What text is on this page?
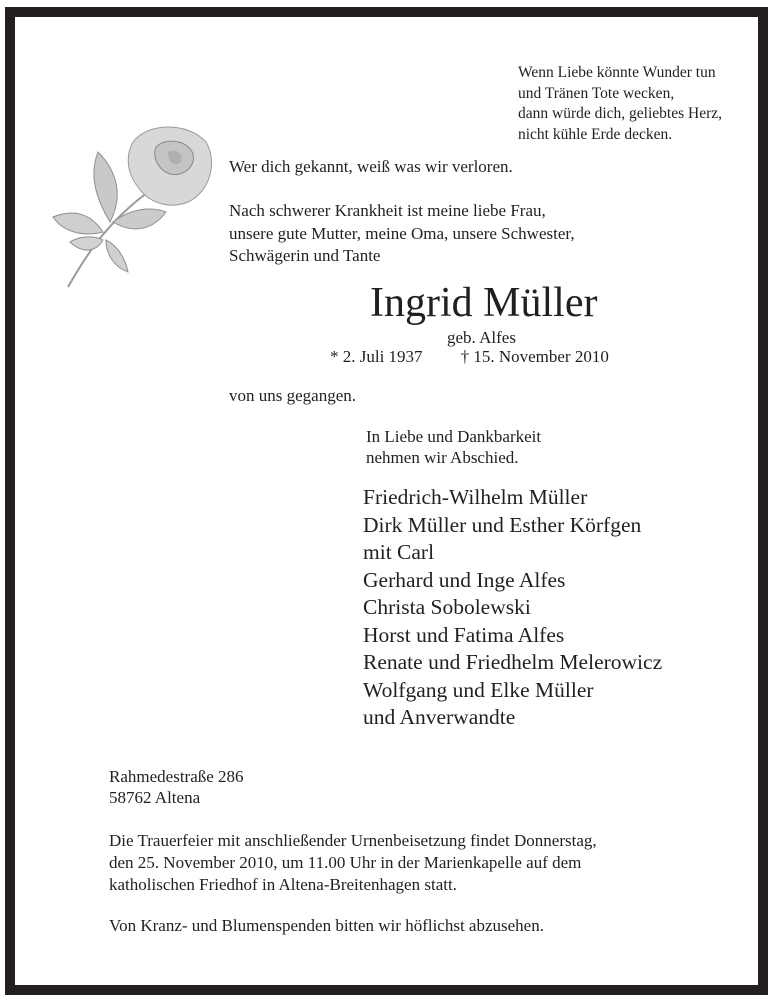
Wenn Liebe könnte Wunder tun
und Tränen Tote wecken,
dann würde dich, geliebtes Herz,
nicht kühle Erde decken.
Wer dich gekannt, weiß was wir verloren.
Nach schwerer Krankheit ist meine liebe Frau,
unsere gute Mutter, meine Oma, unsere Schwester,
Schwägerin und Tante
Ingrid Müller
geb. Alfes
* 2. Juli 1937 † 15. November 2010
von uns gegangen.
In Liebe und Dankbarkeit
nehmen wir Abschied.
Friedrich-Wilhelm Müller
Dirk Müller und Esther Körfgen
mit Carl
Gerhard und Inge Alfes
Christa Sobolewski
Horst und Fatima Alfes
Renate und Friedhelm Melerowicz
Wolfgang und Elke Müller
und Anverwandte
Rahmedestraße 286
58762 Altena
Die Trauerfeier mit anschließender Urnenbeisetzung findet Donnerstag,
den 25. November 2010, um 11.00 Uhr in der Marienkapelle auf dem
katholischen Friedhof in Altena-Breitenhagen statt.
Von Kranz- und Blumenspenden bitten wir höflichst abzusehen.
